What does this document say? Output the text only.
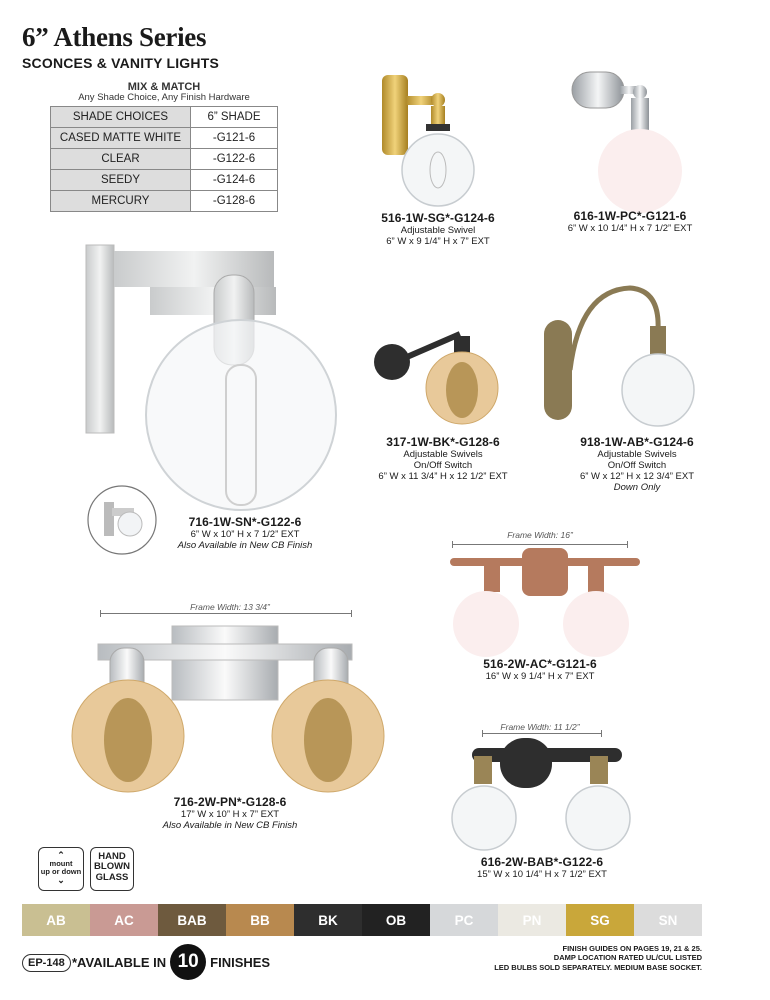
6” Athens Series
SCONCES & VANITY LIGHTS
MIX & MATCH
Any Shade Choice, Any Finish Hardware
SHADE CHOICES	6” SHADE
CASED MATTE WHITE	-G121-6
CLEAR	-G122-6
SEEDY	-G124-6
MERCURY	-G128-6
516-1W-SG*-G124-6
Adjustable Swivel
6” W x 9 1/4” H x 7” EXT
616-1W-PC*-G121-6
6” W x 10 1/4” H x 7 1/2” EXT
716-1W-SN*-G122-6
6” W x 10” H x 7 1/2” EXT
Also Available in New CB Finish
317-1W-BK*-G128-6
Adjustable Swivels
On/Off Switch
6” W x 11 3/4” H x 12 1/2” EXT
918-1W-AB*-G124-6
Adjustable Swivels
On/Off Switch
6” W x 12” H x 12 3/4” EXT
Down Only
Frame Width: 16”
516-2W-AC*-G121-6
16” W x 9 1/4” H x 7” EXT
Frame Width: 13 3/4”
716-2W-PN*-G128-6
17” W x 10” H x 7” EXT
Also Available in New CB Finish
Frame Width: 11 1/2”
616-2W-BAB*-G122-6
15” W x 10 1/4” H x 7 1/2” EXT
⌃
mount
up or down
⌄
HAND
BLOWN
GLASS
AB	AC	BAB	BB	BK	OB	PC	PN	SG	SN
EP-148 *AVAILABLE IN 10 FINISHES
FINISH GUIDES ON PAGES 19, 21 & 25.
DAMP LOCATION RATED UL/CUL LISTED
LED BULBS SOLD SEPARATELY. MEDIUM BASE SOCKET.
